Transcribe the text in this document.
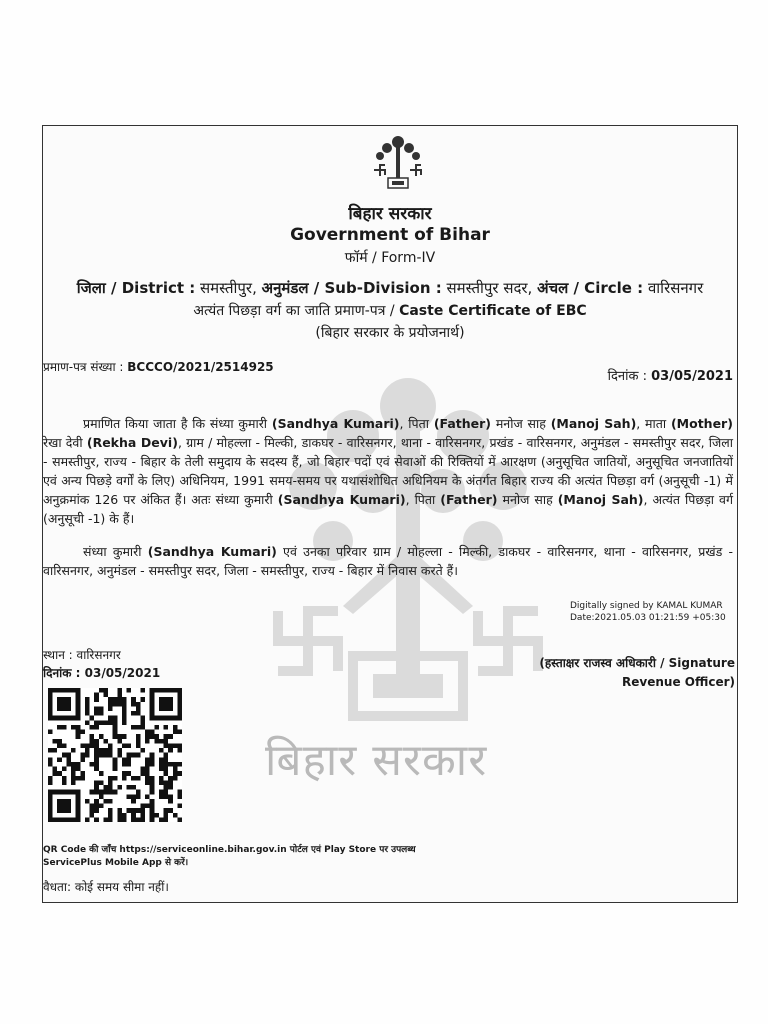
बिहार सरकार
बिहार सरकार
Government of Bihar
फॉर्म / Form-IV
जिला / District : समस्तीपुर, अनुमंडल / Sub-Division : समस्तीपुर सदर, अंचल / Circle : वारिसनगर
अत्यंत पिछड़ा वर्ग का जाति प्रमाण-पत्र / Caste Certificate of EBC
(बिहार सरकार के प्रयोजनार्थ)
प्रमाण-पत्र संख्या : BCCCO/2021/2514925
दिनांक : 03/05/2021
प्रमाणित किया जाता है कि संध्या कुमारी (Sandhya Kumari), पिता (Father) मनोज साह (Manoj Sah), माता (Mother) रेखा देवी (Rekha Devi), ग्राम / मोहल्ला - मिल्की, डाकघर - वारिसनगर, थाना - वारिसनगर, प्रखंड - वारिसनगर, अनुमंडल - समस्तीपुर सदर, जिला - समस्तीपुर, राज्य - बिहार के तेली समुदाय के सदस्य हैं, जो बिहार पदों एवं सेवाओं की रिक्तियों में आरक्षण (अनुसूचित जातियों, अनुसूचित जनजातियों एवं अन्य पिछड़े वर्गों के लिए) अधिनियम, 1991 समय-समय पर यथासंशोधित अधिनियम के अंतर्गत बिहार राज्य की अत्यंत पिछड़ा वर्ग (अनुसूची -1) में अनुक्रमांक 126 पर अंकित हैं। अतः संध्या कुमारी (Sandhya Kumari), पिता (Father) मनोज साह (Manoj Sah), अत्यंत पिछड़ा वर्ग (अनुसूची -1) के हैं।
संध्या कुमारी (Sandhya Kumari) एवं उनका परिवार ग्राम / मोहल्ला - मिल्की, डाकघर - वारिसनगर, थाना - वारिसनगर, प्रखंड - वारिसनगर, अनुमंडल - समस्तीपुर सदर, जिला - समस्तीपुर, राज्य - बिहार में निवास करते हैं।
Digitally signed by KAMAL KUMAR
Date:2021.05.03 01:21:59 +05:30
स्थान : वारिसनगर
दिनांक : 03/05/2021
(हस्ताक्षर राजस्व अधिकारी / Signature
Revenue Officer)
QR Code की जाँच https://serviceonline.bihar.gov.in पोर्टल एवं Play Store पर उपलब्ध ServicePlus Mobile App से करें।
वैधता: कोई समय सीमा नहीं।
